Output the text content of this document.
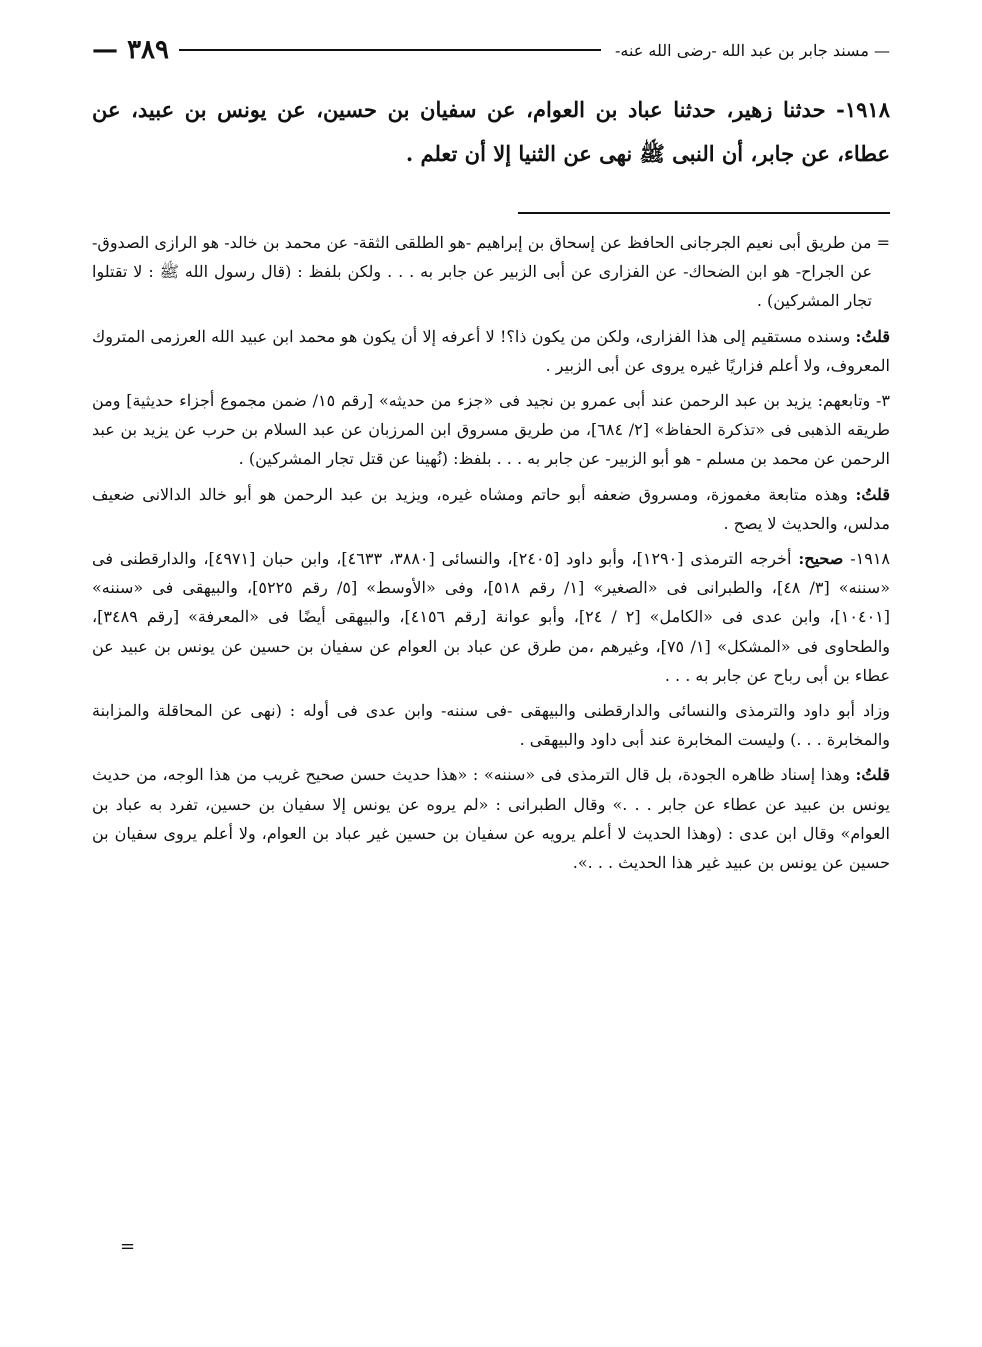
— مسند جابر بن عبد الله -رضى الله عنه-
٣٨٩ —
١٩١٨- حدثنا زهير، حدثنا عباد بن العوام، عن سفيان بن حسين، عن يونس بن عبيد، عن عطاء، عن جابر، أن النبى ﷺ نهى عن الثنيا إلا أن تعلم .

= من طريق أبى نعيم الجرجانى الحافظ عن إسحاق بن إبراهيم -هو الطلقى الثقة- عن محمد بن خالد- هو الرازى الصدوق- عن الجراح- هو ابن الضحاك- عن الفزارى عن أبى الزبير عن جابر به . . . ولكن بلفظ : (قال رسول الله ﷺ : لا تقتلوا تجار المشركين) .

قلتُ: وسنده مستقيم إلى هذا الفزارى، ولكن من يكون ذا؟! لا أعرفه إلا أن يكون هو محمد ابن عبيد الله العرزمى المتروك المعروف، ولا أعلم فزاريًا غيره يروى عن أبى الزبير .

٣- وتابعهم: يزيد بن عبد الرحمن عند أبى عمرو بن نجيد فى «جزء من حديثه» [رقم ١٥/ ضمن مجموع أجزاء حديثية] ومن طريقه الذهبى فى «تذكرة الحفاظ» [٢/ ٦٨٤]، من طريق مسروق ابن المرزبان عن عبد السلام بن حرب عن يزيد بن عبد الرحمن عن محمد بن مسلم - هو أبو الزبير- عن جابر به . . . بلفظ: (نُهينا عن قتل تجار المشركين) .

قلتُ: وهذه متابعة مغموزة، ومسروق ضعفه أبو حاتم ومشاه غيره، ويزيد بن عبد الرحمن هو أبو خالد الدالانى ضعيف مدلس، والحديث لا يصح .

١٩١٨- صحيح: أخرجه الترمذى [١٢٩٠]، وأبو داود [٢٤٠٥]، والنسائى [٣٨٨٠، ٤٦٣٣]، وابن حبان [٤٩٧١]، والدارقطنى فى «سننه» [٣/ ٤٨]، والطبرانى فى «الصغير» [١/ رقم ٥١٨]، وفى «الأوسط» [٥/ رقم ٥٢٢٥]، والبيهقى فى «سننه» [١٠٤٠١]، وابن عدى فى «الكامل» [٢ / ٢٤]، وأبو عوانة [رقم ٤١٥٦]، والبيهقى أيضًا فى «المعرفة» [رقم ٣٤٨٩]، والطحاوى فى «المشكل» [١/ ٧٥]، وغيرهم ،من طرق عن عباد بن العوام عن سفيان بن حسين عن يونس بن عبيد عن عطاء بن أبى رباح عن جابر به . . .

وزاد أبو داود والترمذى والنسائى والدارقطنى والبيهقى -فى سننه- وابن عدى فى أوله : (نهى عن المحاقلة والمزابنة والمخابرة . . .) وليست المخابرة عند أبى داود والبيهقى .

قلتُ: وهذا إسناد ظاهره الجودة، بل قال الترمذى فى «سننه» : «هذا حديث حسن صحيح غريب من هذا الوجه، من حديث يونس بن عبيد عن عطاء عن جابر . . .» وقال الطبرانى : «لم يروه عن يونس إلا سفيان بن حسين، تفرد به عباد بن العوام» وقال ابن عدى : (وهذا الحديث لا أعلم يرويه عن سفيان بن حسين غير عباد بن العوام، ولا أعلم يروى سفيان بن حسين عن يونس بن عبيد غير هذا الحديث . . .».

=
